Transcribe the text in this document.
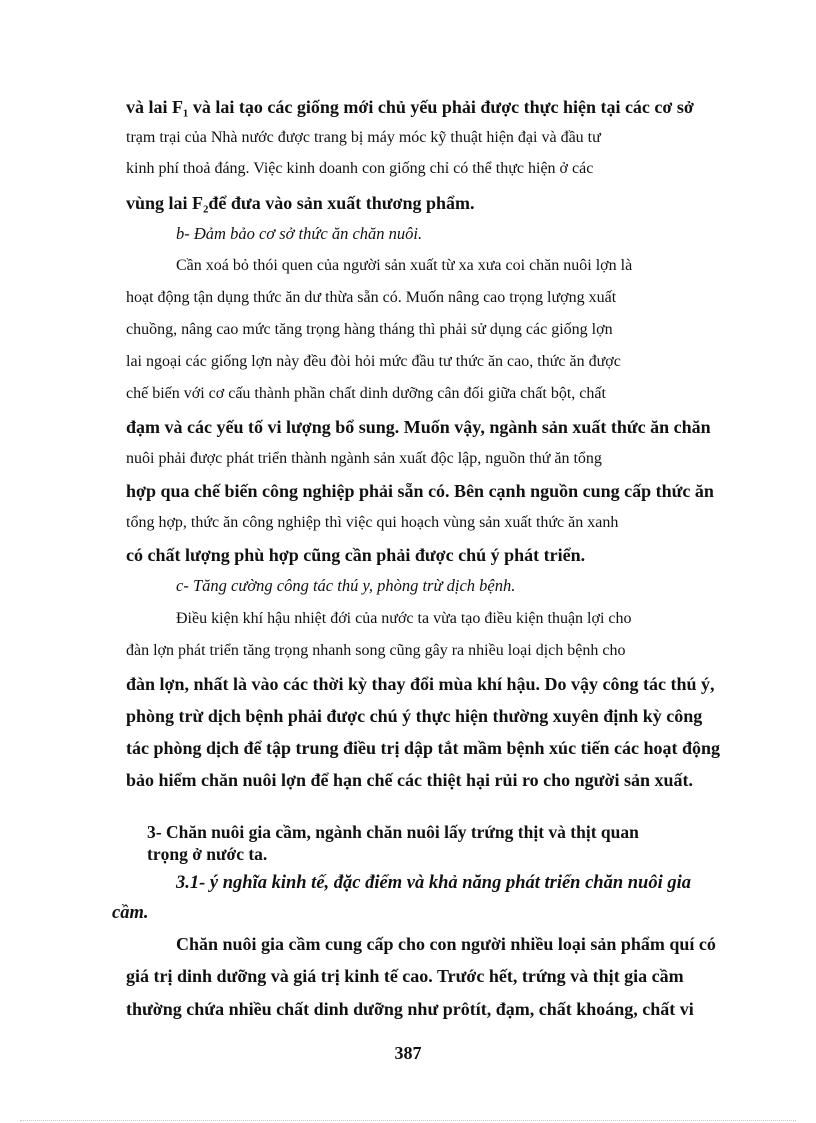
và lai F₁ và lai tạo các giống mới chủ yếu phải được thực hiện tại các cơ sở
trạm trại của Nhà nước được trang bị máy móc kỹ thuật hiện đại và đầu tư
kinh phí thoả đáng. Việc kinh doanh con giống chỉ có thể thực hiện ở các
vùng lai F₂để đưa vào sản xuất thương phẩm.
b- Đảm bảo cơ sở thức ăn chăn nuôi.
Cần xoá bỏ thói quen của người sản xuất từ xa xưa coi chăn nuôi lợn là
hoạt động tận dụng thức ăn dư thừa sẵn có. Muốn nâng cao trọng lượng xuất
chuồng, nâng cao mức tăng trọng hàng tháng thì phải sử dụng các giống lợn
lai ngoại các giống lợn này đều đòi hỏi mức đầu tư thức ăn cao, thức ăn được
chế biến với cơ cấu thành phần chất dinh dưỡng cân đối giữa chất bột, chất
đạm và các yếu tố vi lượng bổ sung. Muốn vậy, ngành sản xuất thức ăn chăn
nuôi phải được phát triển thành ngành sản xuất độc lập, nguồn thứ ăn tổng
hợp qua chế biến công nghiệp phải sẵn có. Bên cạnh nguồn cung cấp thức ăn
tổng hợp, thức ăn công nghiệp thì việc qui hoạch vùng sản xuất thức ăn xanh
có chất lượng phù hợp cũng cần phải được chú ý phát triển.
c- Tăng cường công tác thú y, phòng trừ dịch bệnh.
Điều kiện khí hậu nhiệt đới của nước ta vừa tạo điều kiện thuận lợi cho
đàn lợn phát triển tăng trọng nhanh song cũng gây ra nhiều loại dịch bệnh cho
đàn lợn, nhất là vào các thời kỳ thay đổi mùa khí hậu. Do vậy công tác thú ý,
phòng trừ dịch bệnh phải được chú ý thực hiện thường xuyên định kỳ công
tác phòng dịch để tập trung điều trị dập tắt mầm bệnh xúc tiến các hoạt động
bảo hiểm chăn nuôi lợn để hạn chế các thiệt hại rủi ro cho người sản xuất.
3- Chăn nuôi gia cầm, ngành chăn nuôi lấy trứng thịt và thịt quan
trọng ở nước ta.
3.1- ý nghĩa kinh tế, đặc điểm và khả năng phát triển chăn nuôi gia
cầm.
Chăn nuôi gia cầm cung cấp cho con người nhiều loại sản phẩm quí có
giá trị dinh dưỡng và giá trị kinh tế cao. Trước hết, trứng và thịt gia cầm
thường chứa nhiều chất dinh dưỡng như prôtít, đạm, chất khoáng, chất vi
387
